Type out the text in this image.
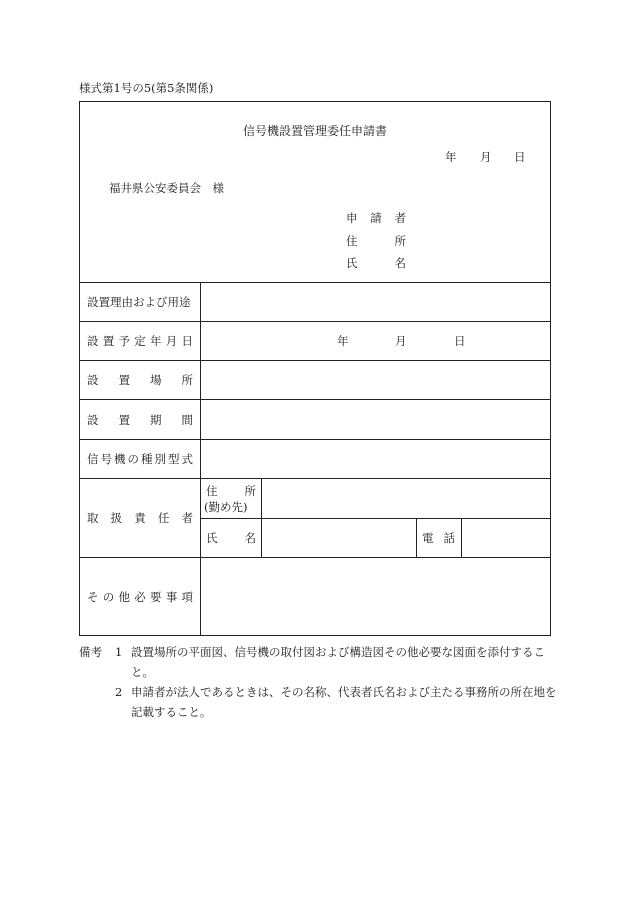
様式第1号の5(第5条関係)
信号機設置管理委任申請書
年 月 日
福井県公安委員会　様
申 請 者
住	所
氏	名
設置理由および用途
設 置 予 定 年 月 日	年	月	日
設 置 場 所
設 置 期 間
信 号 機 の 種 別 型 式
取 扱 責 任 者
住 所
(勤め先)
氏 名	電 話
そ の 他 必 要 事 項
備考	1 設置場所の平面図、信号機の取付図および構造図その他必要な図面を添付すること。
2 申請者が法人であるときは、その名称、代表者氏名および主たる事務所の所在地を記載すること。
